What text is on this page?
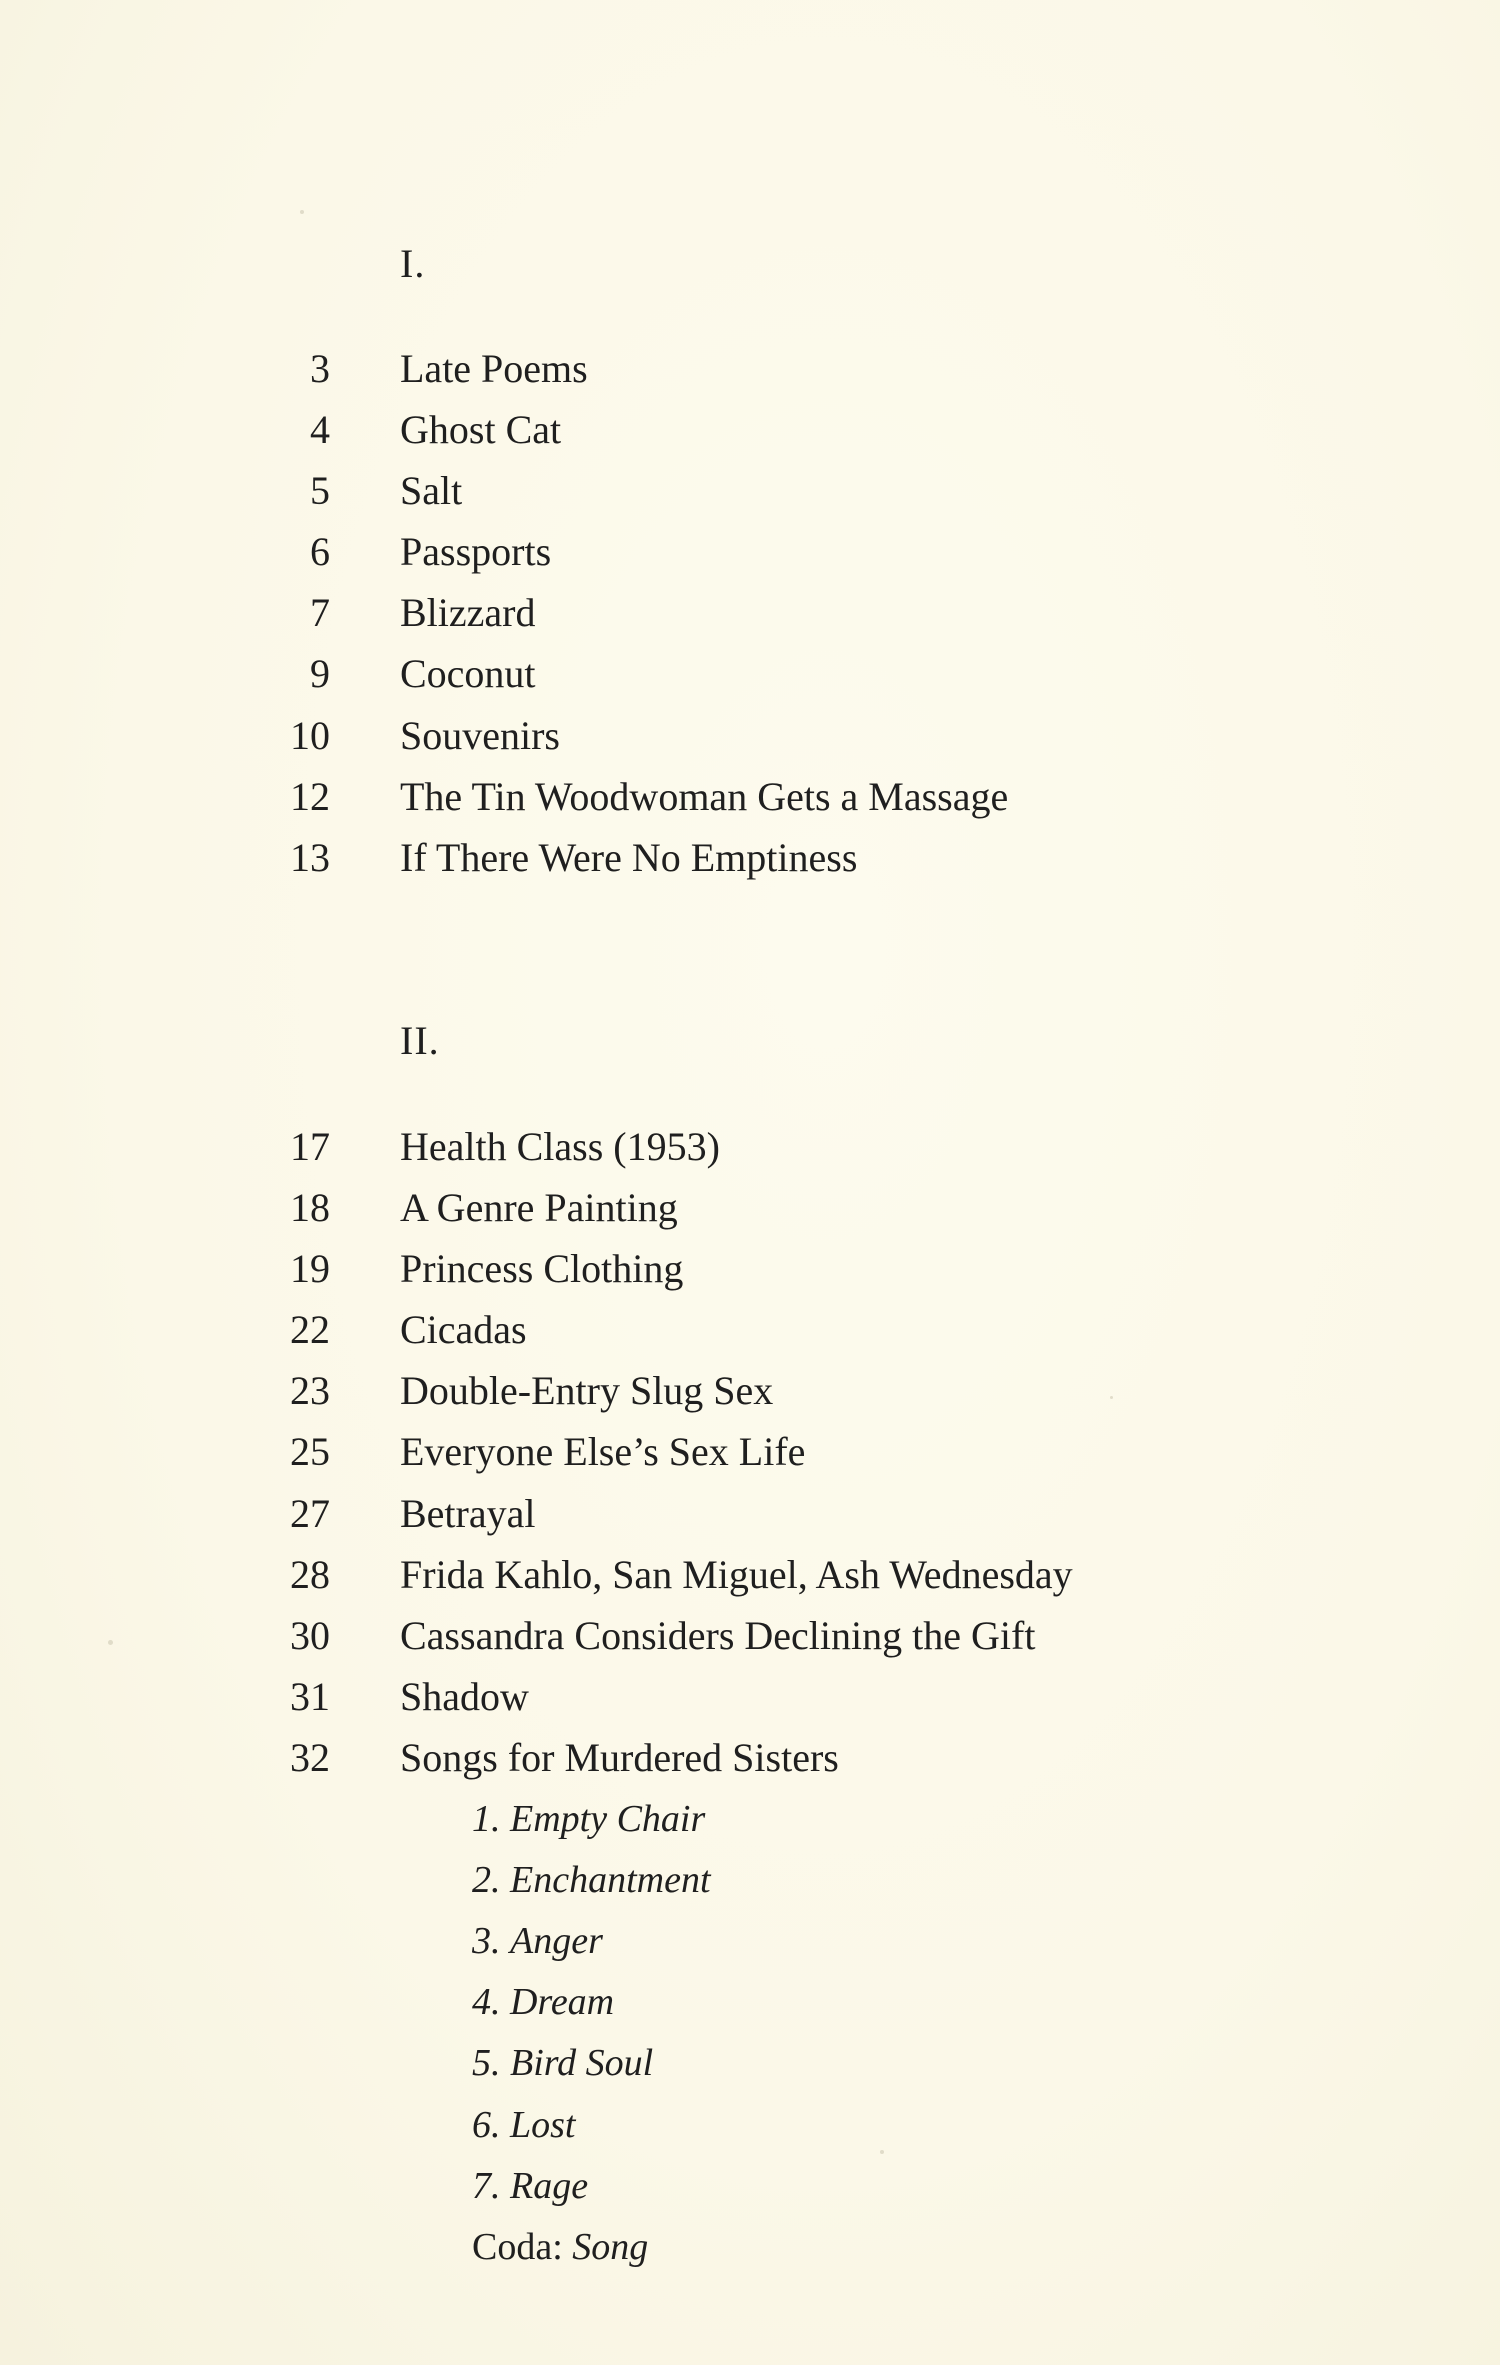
I.
3 Late Poems
4 Ghost Cat
5 Salt
6 Passports
7 Blizzard
9 Coconut
10 Souvenirs
12 The Tin Woodwoman Gets a Massage
13 If There Were No Emptiness
II.
17 Health Class (1953)
18 A Genre Painting
19 Princess Clothing
22 Cicadas
23 Double-Entry Slug Sex
25 Everyone Else’s Sex Life
27 Betrayal
28 Frida Kahlo, San Miguel, Ash Wednesday
30 Cassandra Considers Declining the Gift
31 Shadow
32 Songs for Murdered Sisters
1. Empty Chair
2. Enchantment
3. Anger
4. Dream
5. Bird Soul
6. Lost
7. Rage
Coda: Song
